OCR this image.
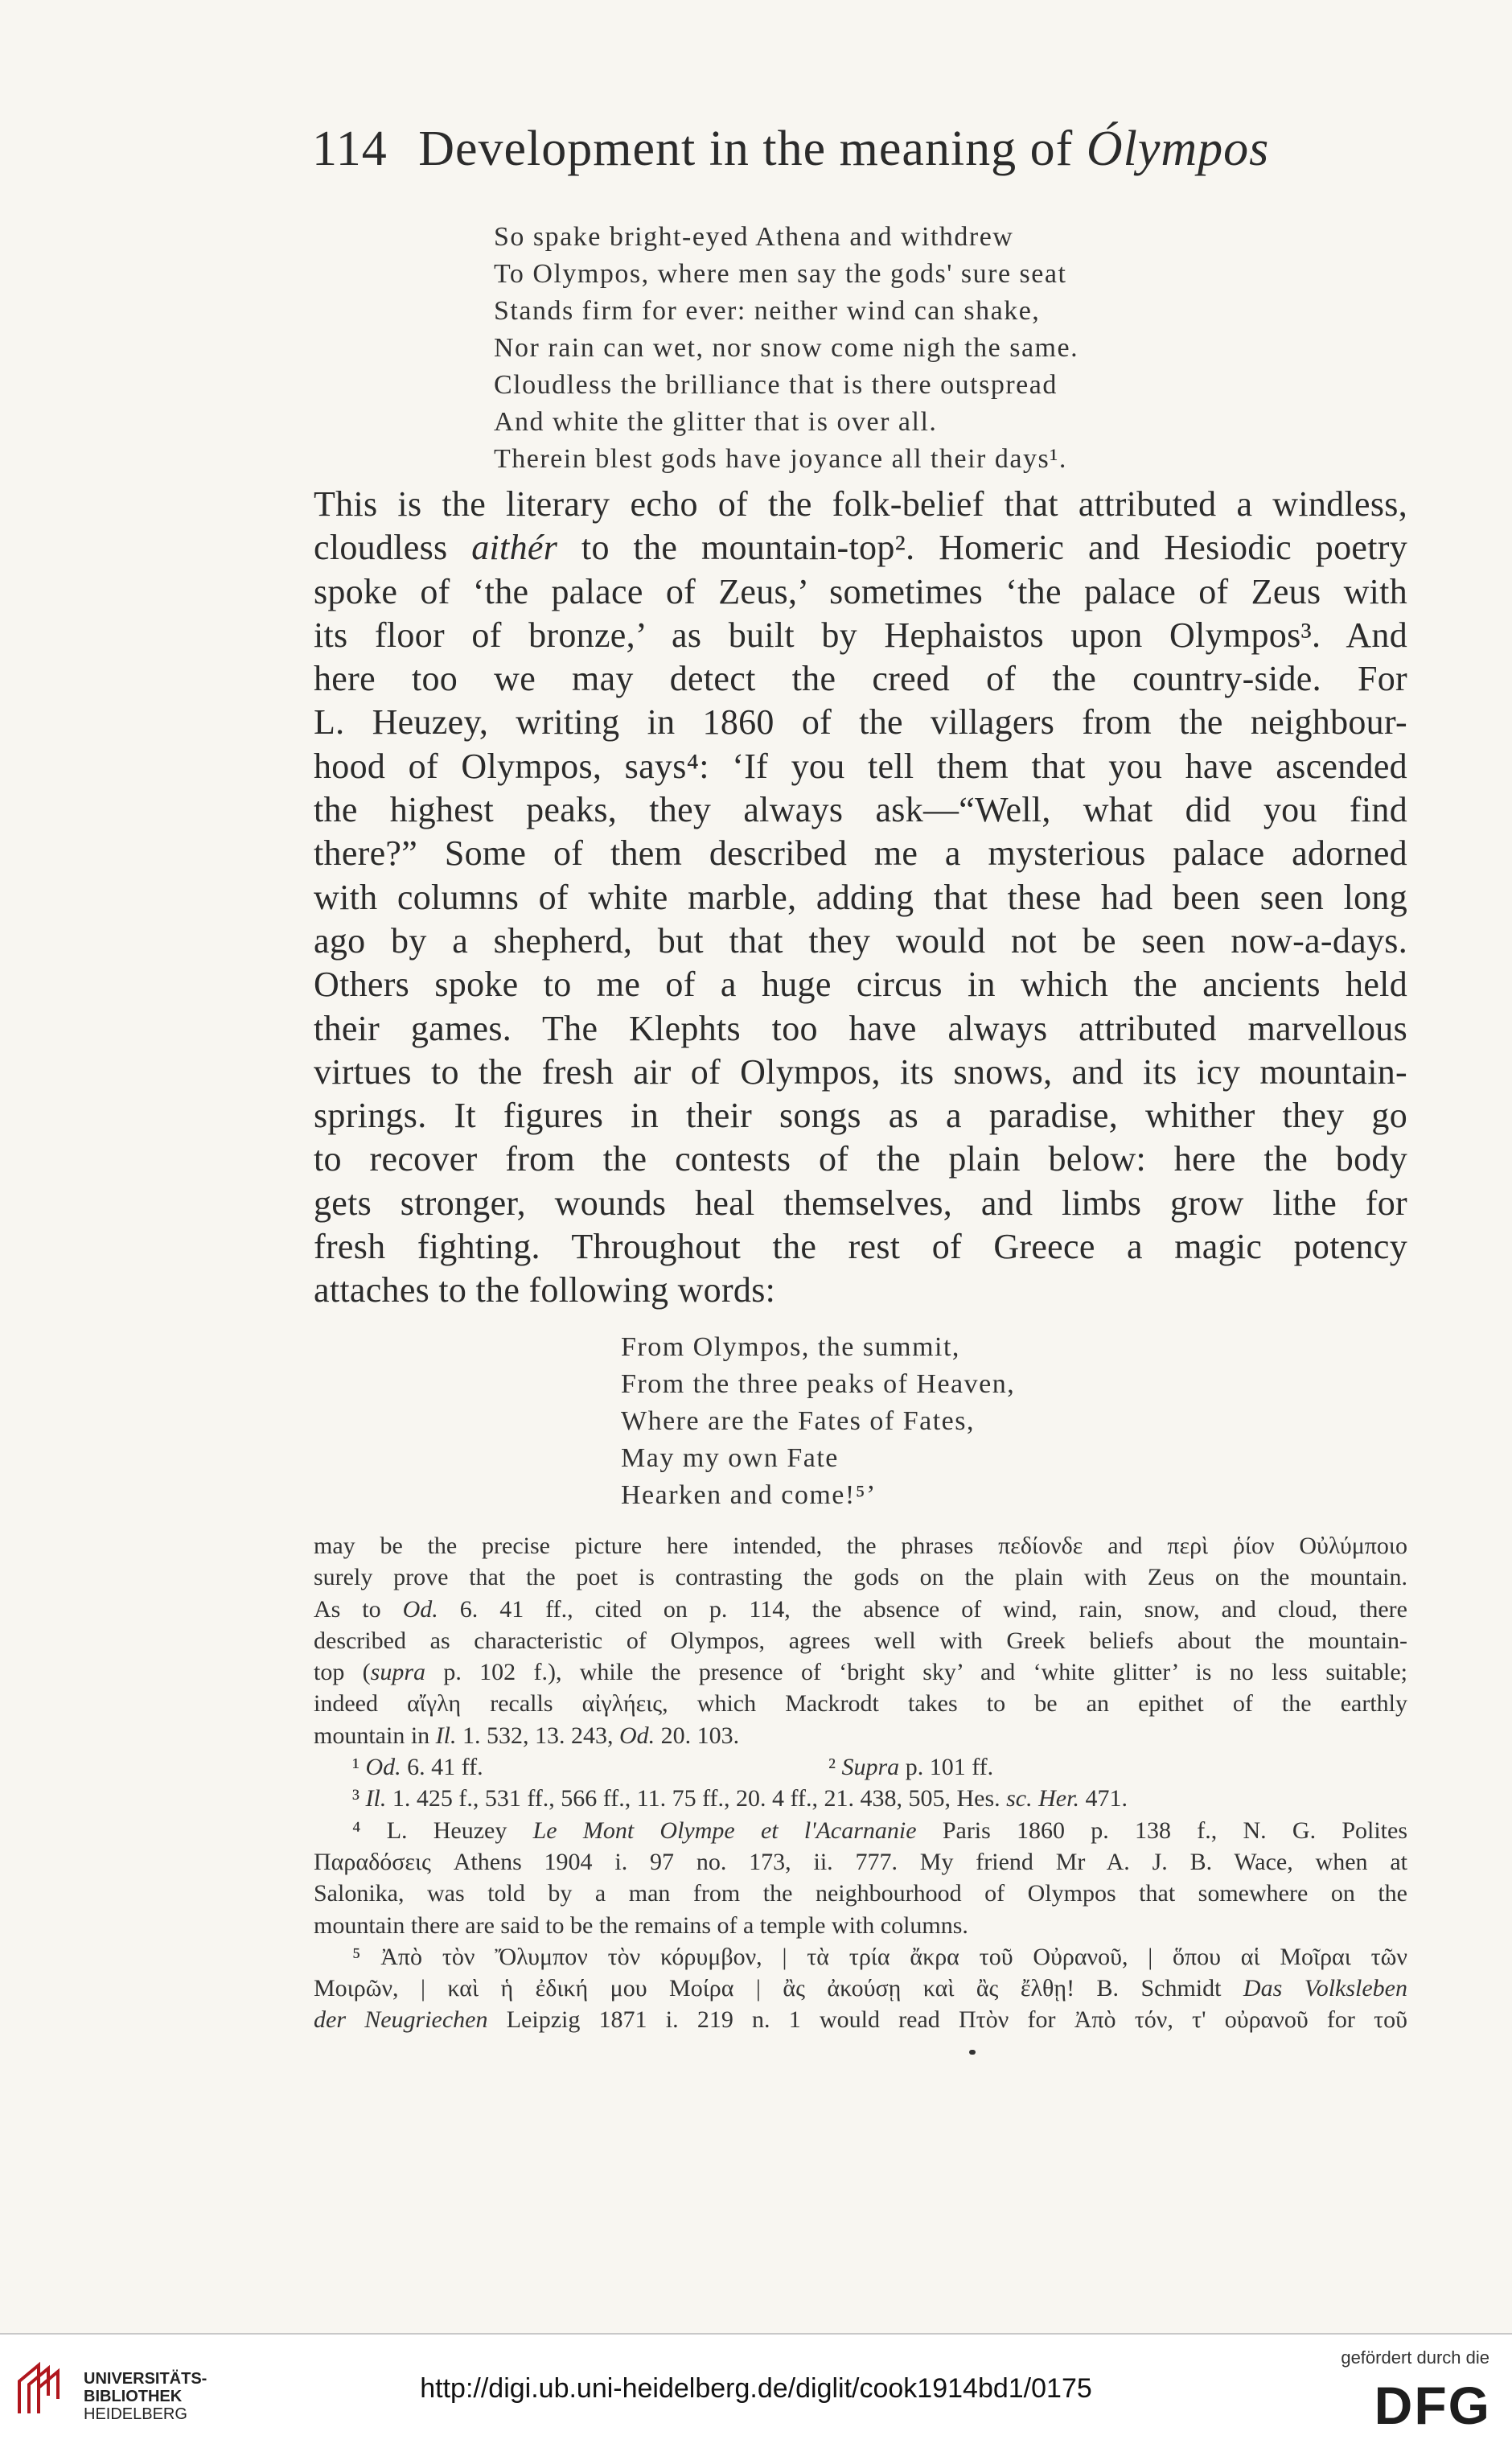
114 Development in the meaning of Ólympos
So spake bright-eyed Athena and withdrew
To Olympos, where men say the gods' sure seat
Stands firm for ever: neither wind can shake,
Nor rain can wet, nor snow come nigh the same.
Cloudless the brilliance that is there outspread
And white the glitter that is over all.
Therein blest gods have joyance all their days¹.
This is the literary echo of the folk-belief that attributed a windless,
cloudless aithér to the mountain-top². Homeric and Hesiodic poetry
spoke of ‘the palace of Zeus,’ sometimes ‘the palace of Zeus with
its floor of bronze,’ as built by Hephaistos upon Olympos³. And
here too we may detect the creed of the country-side. For
L. Heuzey, writing in 1860 of the villagers from the neighbour-
hood of Olympos, says⁴: ‘If you tell them that you have ascended
the highest peaks, they always ask—“Well, what did you find
there?” Some of them described me a mysterious palace adorned
with columns of white marble, adding that these had been seen long
ago by a shepherd, but that they would not be seen now-a-days.
Others spoke to me of a huge circus in which the ancients held
their games. The Klephts too have always attributed marvellous
virtues to the fresh air of Olympos, its snows, and its icy mountain-
springs. It figures in their songs as a paradise, whither they go
to recover from the contests of the plain below: here the body
gets stronger, wounds heal themselves, and limbs grow lithe for
fresh fighting. Throughout the rest of Greece a magic potency
attaches to the following words:
From Olympos, the summit,
From the three peaks of Heaven,
Where are the Fates of Fates,
May my own Fate
Hearken and come!⁵’
may be the precise picture here intended, the phrases πεδίονδε and περὶ ῥίον Οὐλύμποιο
surely prove that the poet is contrasting the gods on the plain with Zeus on the mountain.
As to Od. 6. 41 ff., cited on p. 114, the absence of wind, rain, snow, and cloud, there
described as characteristic of Olympos, agrees well with Greek beliefs about the mountain-
top (supra p. 102 f.), while the presence of ‘bright sky’ and ‘white glitter’ is no less suitable;
indeed αἴγλη recalls αἰγλήεις, which Mackrodt takes to be an epithet of the earthly
mountain in Il. 1. 532, 13. 243, Od. 20. 103.
¹ Od. 6. 41 ff.	² Supra p. 101 ff.
³ Il. 1. 425 f., 531 ff., 566 ff., 11. 75 ff., 20. 4 ff., 21. 438, 505, Hes. sc. Her. 471.
⁴ L. Heuzey Le Mont Olympe et l'Acarnanie Paris 1860 p. 138 f., N. G. Polites
Παραδόσεις Athens 1904 i. 97 no. 173, ii. 777. My friend Mr A. J. B. Wace, when at
Salonika, was told by a man from the neighbourhood of Olympos that somewhere on the
mountain there are said to be the remains of a temple with columns.
⁵ Ἀπὸ τὸν Ὄλυμπον τὸν κόρυμβον, | τὰ τρία ἄκρα τοῦ Οὐρανοῦ, | ὅπου αἱ Μοῖραι τῶν
Μοιρῶν, | καὶ ἡ ἐδική μου Μοίρα | ἂς ἀκούσῃ καὶ ἂς ἔλθῃ! B. Schmidt Das Volksleben
der Neugriechen Leipzig 1871 i. 219 n. 1 would read Πτὸν for Ἀπὸ τόν, τ' οὐρανοῦ for τοῦ
UNIVERSITÄTS-
BIBLIOTHEK
HEIDELBERG
http://digi.ub.uni-heidelberg.de/diglit/cook1914bd1/0175
gefördert durch die
DFG
